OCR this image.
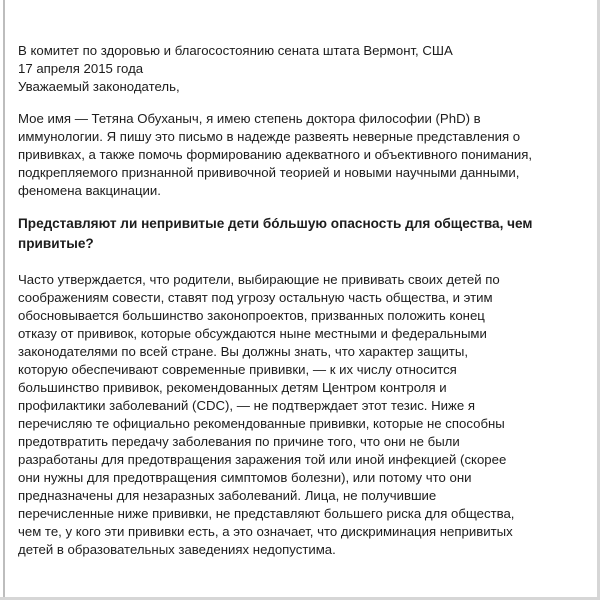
В комитет по здоровью и благосостоянию сената штата Вермонт, США
17 апреля 2015 года
Уважаемый законодатель,
Мое имя — Тетяна Обуханыч, я имею степень доктора философии (PhD) в
иммунологии. Я пишу это письмо в надежде развеять неверные представления о
прививках, а также помочь формированию адекватного и объективного понимания,
подкрепляемого признанной прививочной теорией и новыми научными данными,
феномена вакцинации.
Представляют ли непривитые дети бóльшую опасность для общества, чем
привитые?
Часто утверждается, что родители, выбирающие не прививать своих детей по
соображениям совести, ставят под угрозу остальную часть общества, и этим
обосновывается большинство законопроектов, призванных положить конец
отказу от прививок, которые обсуждаются ныне местными и федеральными
законодателями по всей стране. Вы должны знать, что характер защиты,
которую обеспечивают современные прививки, — к их числу относится
большинство прививок, рекомендованных детям Центром контроля и
профилактики заболеваний (CDC), — не подтверждает этот тезис. Ниже я
перечисляю те официально рекомендованные прививки, которые не способны
предотвратить передачу заболевания по причине того, что они не были
разработаны для предотвращения заражения той или иной инфекцией (скорее
они нужны для предотвращения симптомов болезни), или потому что они
предназначены для незаразных заболеваний. Лица, не получившие
перечисленные ниже прививки, не представляют большего риска для общества,
чем те, у кого эти прививки есть, а это означает, что дискриминация непривитых
детей в образовательных заведениях недопустима.
